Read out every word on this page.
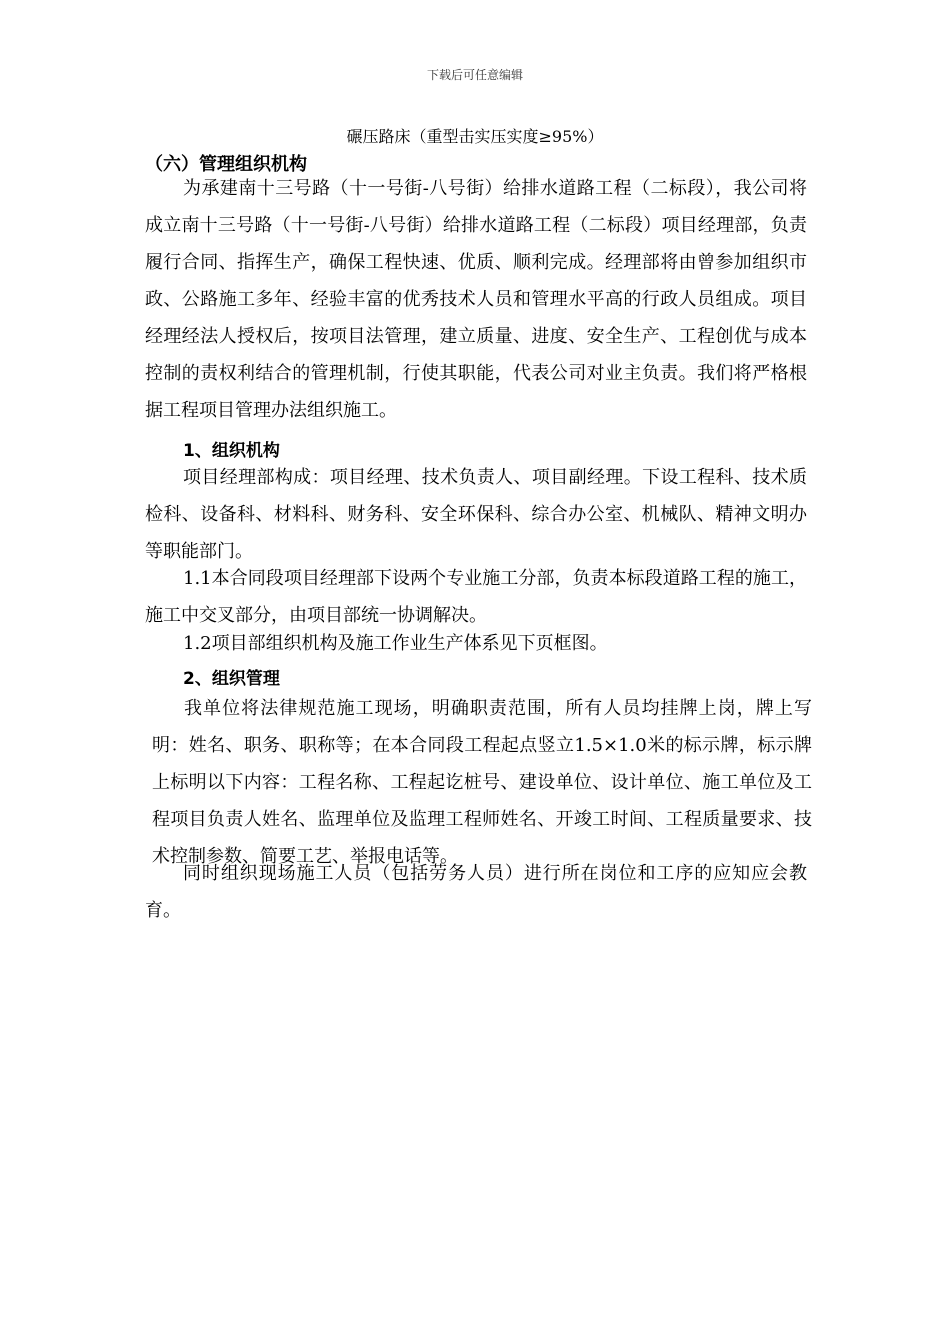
下载后可任意编辑
碾压路床（重型击实压实度≥95%）
（六）管理组织机构

为承建南十三号路（十一号街-八号街）给排水道路工程（二标段），我公司将成立南十三号路（十一号街-八号街）给排水道路工程（二标段）项目经理部，负责履行合同、指挥生产，确保工程快速、优质、顺利完成。经理部将由曾参加组织市政、公路施工多年、经验丰富的优秀技术人员和管理水平高的行政人员组成。项目经理经法人授权后，按项目法管理，建立质量、进度、安全生产、工程创优与成本控制的责权利结合的管理机制，行使其职能，代表公司对业主负责。我们将严格根据工程项目管理办法组织施工。

1、组织机构

项目经理部构成：项目经理、技术负责人、项目副经理。下设工程科、技术质检科、设备科、材料科、财务科、安全环保科、综合办公室、机械队、精神文明办等职能部门。

1.1本合同段项目经理部下设两个专业施工分部，负责本标段道路工程的施工，施工中交叉部分，由项目部统一协调解决。

1.2项目部组织机构及施工作业生产体系见下页框图。

2、组织管理

我单位将法律规范施工现场，明确职责范围，所有人员均挂牌上岗，牌上写明：姓名、职务、职称等；在本合同段工程起点竖立1.5×1.0米的标示牌，标示牌上标明以下内容：工程名称、工程起讫桩号、建设单位、设计单位、施工单位及工程项目负责人姓名、监理单位及监理工程师姓名、开竣工时间、工程质量要求、技术控制参数、简要工艺、举报电话等。

同时组织现场施工人员（包括劳务人员）进行所在岗位和工序的应知应会教育。
